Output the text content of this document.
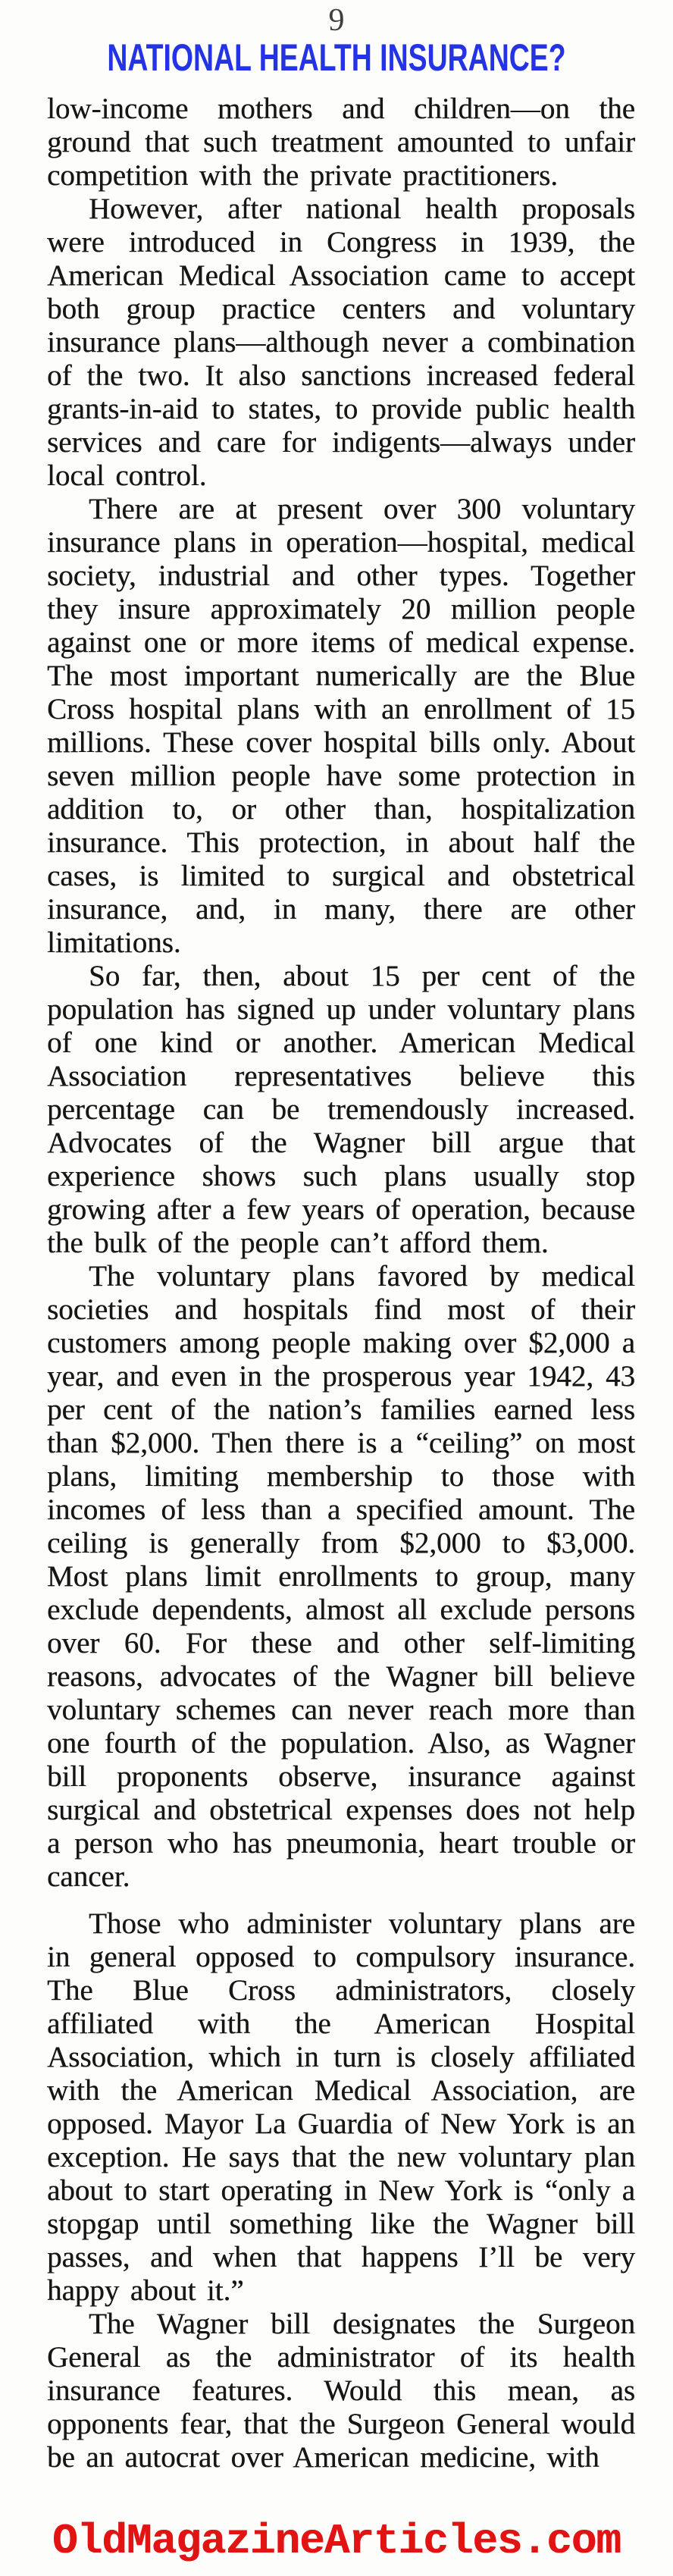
9
NATIONAL HEALTH INSURANCE?

low-income mothers and children—on the ground that such treatment amounted to unfair competition with the private practitioners.

However, after national health proposals were introduced in Congress in 1939, the American Medical Association came to accept both group practice centers and voluntary insurance plans—although never a combination of the two. It also sanctions increased federal grants-in-aid to states, to provide public health services and care for indigents—always under local control.

There are at present over 300 voluntary insurance plans in operation—hospital, medical society, industrial and other types. Together they insure approximately 20 million people against one or more items of medical expense. The most important numerically are the Blue Cross hospital plans with an enrollment of 15 millions. These cover hospital bills only. About seven million people have some protection in addition to, or other than, hospitalization insurance. This protection, in about half the cases, is limited to surgical and obstetrical insurance, and, in many, there are other limitations.

So far, then, about 15 per cent of the population has signed up under voluntary plans of one kind or another. American Medical Association representatives believe this percentage can be tremendously increased. Advocates of the Wagner bill argue that experience shows such plans usually stop growing after a few years of operation, because the bulk of the people can’t afford them.

The voluntary plans favored by medical societies and hospitals find most of their customers among people making over $2,000 a year, and even in the prosperous year 1942, 43 per cent of the nation’s families earned less than $2,000. Then there is a “ceiling” on most plans, limiting membership to those with incomes of less than a specified amount. The ceiling is generally from $2,000 to $3,000. Most plans limit enrollments to group, many exclude dependents, almost all exclude persons over 60. For these and other self-limiting reasons, advocates of the Wagner bill believe voluntary schemes can never reach more than one fourth of the population. Also, as Wagner bill proponents observe, insurance against surgical and obstetrical expenses does not help a person who has pneumonia, heart trouble or cancer.

Those who administer voluntary plans are in general opposed to compulsory insurance. The Blue Cross administrators, closely affiliated with the American Hospital Association, which in turn is closely affiliated with the American Medical Association, are opposed. Mayor La Guardia of New York is an exception. He says that the new voluntary plan about to start operating in New York is “only a stopgap until something like the Wagner bill passes, and when that happens I’ll be very happy about it.”

The Wagner bill designates the Surgeon General as the administrator of its health insurance features. Would this mean, as opponents fear, that the Surgeon General would be an autocrat over American medicine, with

OldMagazineArticles.com
